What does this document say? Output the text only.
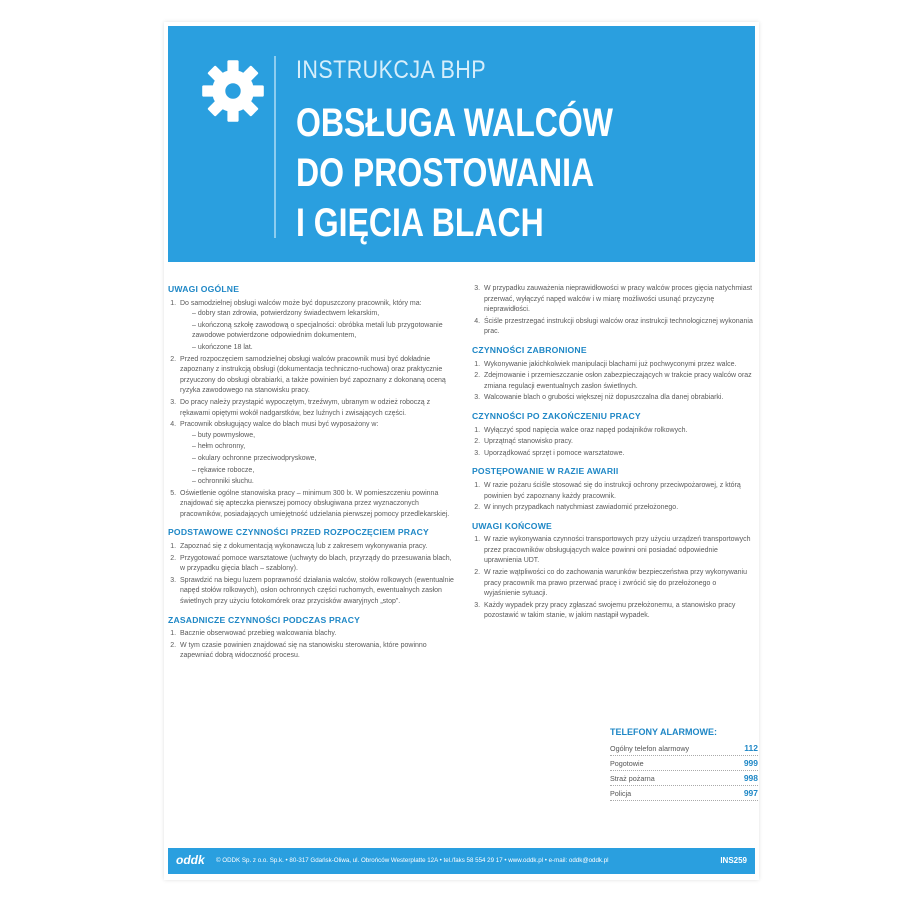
INSTRUKCJA BHP
OBSŁUGA WALCÓW
DO PROSTOWANIA
I GIĘCIA BLACH
UWAGI OGÓLNE
1. Do samodzielnej obsługi walców może być dopuszczony pracownik, który ma:
– dobry stan zdrowia, potwierdzony świadectwem lekarskim,
– ukończoną szkołę zawodową o specjalności: obróbka metali lub przygotowanie zawodowe potwierdzone odpowiednim dokumentem,
– ukończone 18 lat.
2. Przed rozpoczęciem samodzielnej obsługi walców pracownik musi być dokładnie zapoznany z instrukcją obsługi (dokumentacja techniczno-ruchowa) oraz praktycznie przyuczony do obsługi obrabiarki, a także powinien być zapoznany z dokonaną oceną ryzyka zawodowego na stanowisku pracy.
3. Do pracy należy przystąpić wypoczętym, trzeźwym, ubranym w odzież roboczą z rękawami opiętymi wokół nadgarstków, bez luźnych i zwisających części.
4. Pracownik obsługujący walce do blach musi być wyposażony w:
– buty powmysłowe,
– hełm ochronny,
– okulary ochronne przeciwodpryskowe,
– rękawice robocze,
– ochronniki słuchu.
5. Oświetlenie ogólne stanowiska pracy – minimum 300 lx. W pomieszczeniu powinna znajdować się apteczka pierwszej pomocy obsługiwana przez wyznaczonych pracowników, posiadających umiejętność udzielania pierwszej pomocy przedlekarskiej.
PODSTAWOWE CZYNNOŚCI PRZED ROZPOCZĘCIEM PRACY
1. Zapoznać się z dokumentacją wykonawczą lub z zakresem wykonywania pracy.
2. Przygotować pomoce warsztatowe (uchwyty do blach, przyrządy do przesuwania blach, w przypadku gięcia blach – szablony).
3. Sprawdzić na biegu luzem poprawność działania walców, stołów rolkowych (ewentualnie napęd stołów rolkowych), osłon ochronnych części ruchomych, ewentualnych zasłon świetlnych przy użyciu fotokomórek oraz przycisków awaryjnych „stop”.
ZASADNICZE CZYNNOŚCI PODCZAS PRACY
1. Bacznie obserwować przebieg walcowania blachy.
2. W tym czasie powinien znajdować się na stanowisku sterowania, które powinno zapewniać dobrą widoczność procesu.
3. W przypadku zauważenia nieprawidłowości w pracy walców proces gięcia natychmiast przerwać, wyłączyć napęd walców i w miarę możliwości usunąć przyczynę nieprawidłości.
4. Ściśle przestrzegać instrukcji obsługi walców oraz instrukcji technologicznej wykonania prac.
CZYNNOŚCI ZABRONIONE
1. Wykonywanie jakichkolwiek manipulacji blachami już pochwyconymi przez walce.
2. Zdejmowanie i przemieszczanie osłon zabezpieczających w trakcie pracy walców oraz zmiana regulacji ewentualnych zasłon świetlnych.
3. Walcowanie blach o grubości większej niż dopuszczalna dla danej obrabiarki.
CZYNNOŚCI PO ZAKOŃCZENIU PRACY
1. Wyłączyć spod napięcia walce oraz napęd podajników rolkowych.
2. Uprzątnąć stanowisko pracy.
3. Uporządkować sprzęt i pomoce warsztatowe.
POSTĘPOWANIE W RAZIE AWARII
1. W razie pożaru ściśle stosować się do instrukcji ochrony przeciwpożarowej, z którą powinien być zapoznany każdy pracownik.
2. W innych przypadkach natychmiast zawiadomić przełożonego.
UWAGI KOŃCOWE
1. W razie wykonywania czynności transportowych przy użyciu urządzeń transportowych przez pracowników obsługujących walce powinni oni posiadać odpowiednie uprawnienia UDT.
2. W razie wątpliwości co do zachowania warunków bezpieczeństwa przy wykonywaniu pracy pracownik ma prawo przerwać pracę i zwrócić się do przełożonego o wyjaśnienie sytuacji.
3. Każdy wypadek przy pracy zgłaszać swojemu przełożonemu, a stanowisko pracy pozostawić w takim stanie, w jakim nastąpił wypadek.
TELEFONY ALARMOWE:
Ogólny telefon alarmowy	112
Pogotowie	999
Straż pożarna	998
Policja	997
oddk © ODDK Sp. z o.o. Sp.k. • 80-317 Gdańsk-Oliwa, ul. Obrońców Westerplatte 12A • tel./faks 58 554 29 17 • www.oddk.pl • e-mail: oddk@oddk.pl	INS259
